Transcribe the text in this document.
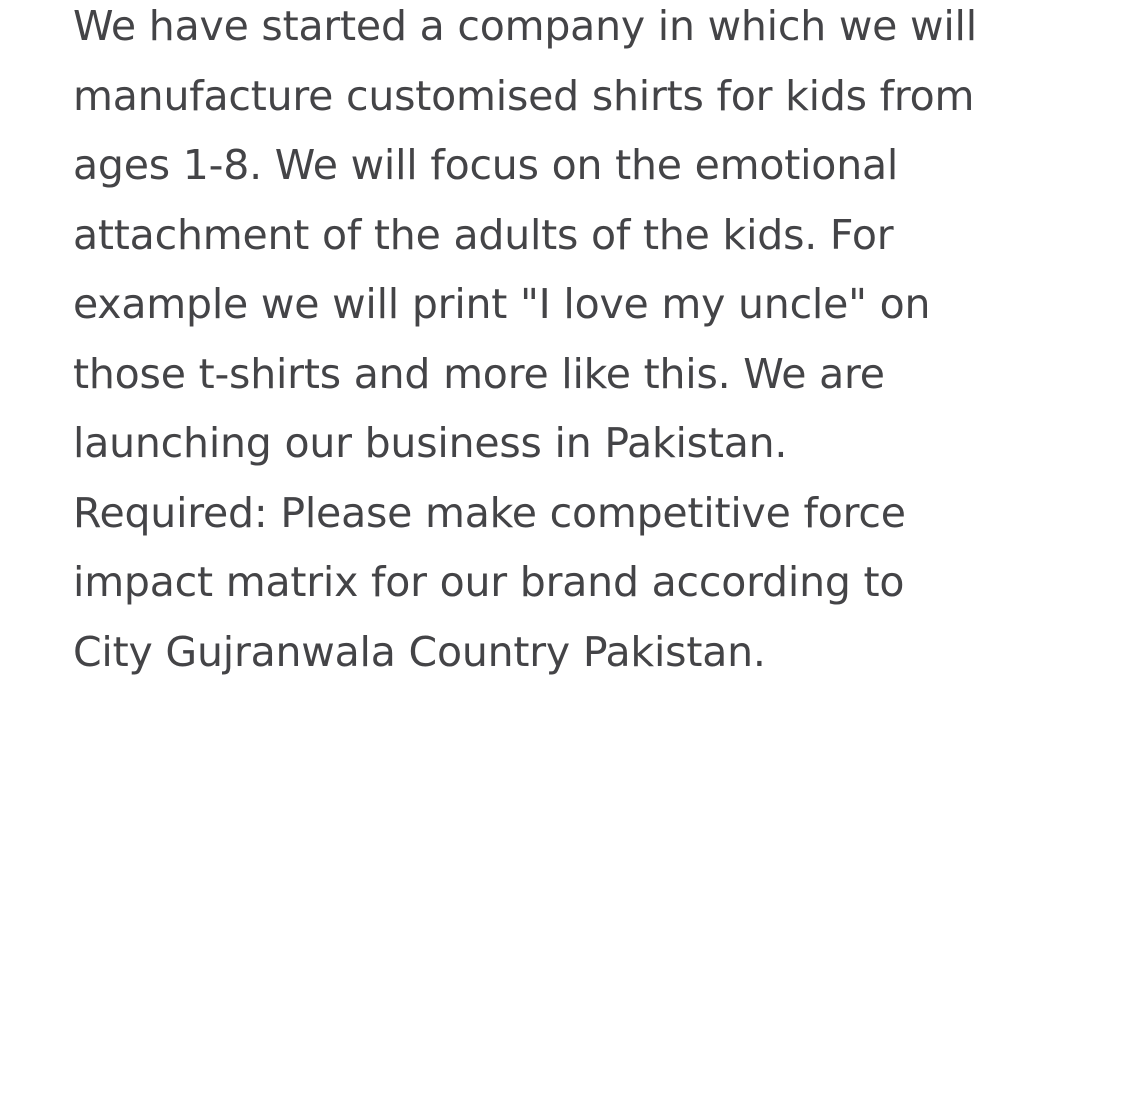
We have started a company in which we will
manufacture customised shirts for kids from
ages 1-8. We will focus on the emotional
attachment of the adults of the kids. For
example we will print "I love my uncle" on
those t-shirts and more like this. We are
launching our business in Pakistan.
Required: Please make competitive force
impact matrix for our brand according to
City Gujranwala Country Pakistan.
